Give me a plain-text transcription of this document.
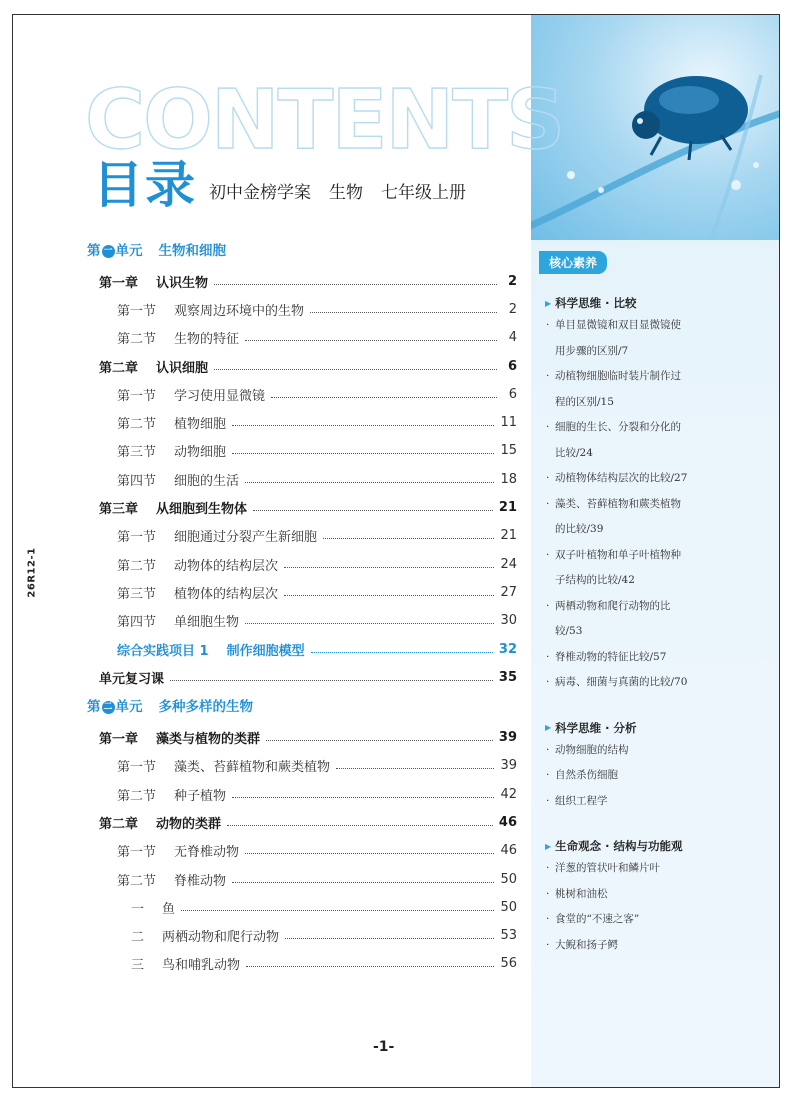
核心素养
▶ 科学思维 · 比较
· 单目显微镜和双目显微镜使
用步骤的区别/7
· 动植物细胞临时装片制作过
程的区别/15
· 细胞的生长、分裂和分化的
比较/24
· 动植物体结构层次的比较/27
· 藻类、苔藓植物和蕨类植物
的比较/39
· 双子叶植物和单子叶植物种
子结构的比较/42
· 两栖动物和爬行动物的比
较/53
· 脊椎动物的特征比较/57
· 病毒、细菌与真菌的比较/70
▶ 科学思维 · 分析
· 动物细胞的结构
· 自然杀伤细胞
· 组织工程学
▶ 生命观念 · 结构与功能观
· 洋葱的管状叶和鳞片叶
· 桃树和油松
· 食堂的“不速之客”
· 大鲵和扬子鳄
CONTENTS
目录 初中金榜学案 生物 七年级上册
26R12-1
第 一 单元 生物和细胞
第一章 认识生物	2
第一节 观察周边环境中的生物	2
第二节 生物的特征	4
第二章 认识细胞	6
第一节 学习使用显微镜	6
第二节 植物细胞	11
第三节 动物细胞	15
第四节 细胞的生活	18
第三章 从细胞到生物体	21
第一节 细胞通过分裂产生新细胞	21
第二节 动物体的结构层次	24
第三节 植物体的结构层次	27
第四节 单细胞生物	30
综合实践项目 1 制作细胞模型	32
单元复习课	35
第 二 单元 多种多样的生物
第一章 藻类与植物的类群	39
第一节 藻类、苔藓植物和蕨类植物	39
第二节 种子植物	42
第二章 动物的类群	46
第一节 无脊椎动物	46
第二节 脊椎动物	50
一 鱼	50
二 两栖动物和爬行动物	53
三 鸟和哺乳动物	56
-1-
